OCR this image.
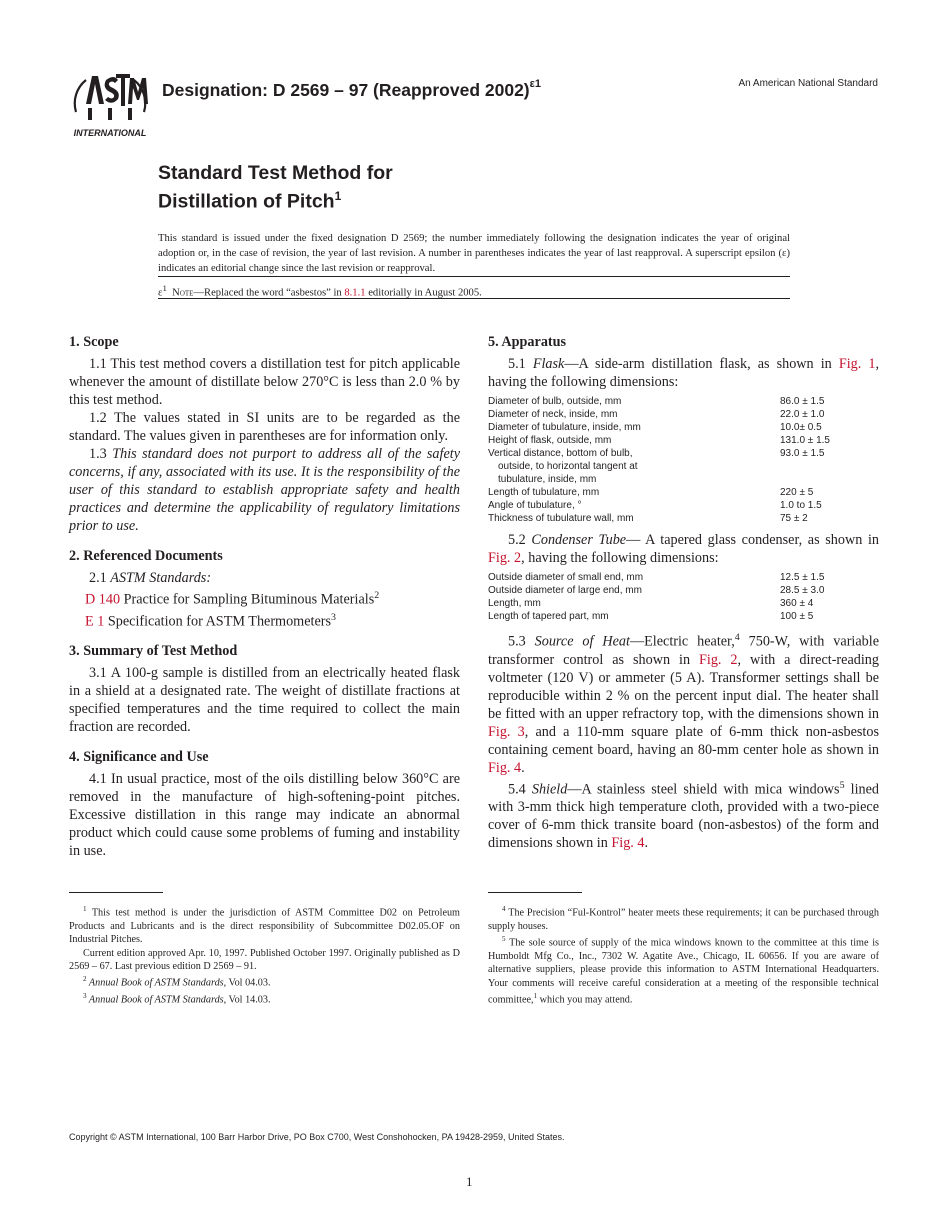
INTERNATIONAL
Designation: D 2569 – 97 (Reapproved 2002)$^{\varepsilon 1}$	An American National Standard
Standard Test Method for
Distillation of Pitch$^1$
This standard is issued under the fixed designation D 2569; the number immediately following the designation indicates the year of original adoption or, in the case of revision, the year of last revision. A number in parentheses indicates the year of last reapproval. A superscript epsilon (ε) indicates an editorial change since the last revision or reapproval.
$\varepsilon^1$ Note—Replaced the word “asbestos” in 8.1.1 editorially in August 2005.
1. Scope

1.1 This test method covers a distillation test for pitch applicable whenever the amount of distillate below 270°C is less than 2.0 % by this test method.

1.2 The values stated in SI units are to be regarded as the standard. The values given in parentheses are for information only.

1.3 This standard does not purport to address all of the safety concerns, if any, associated with its use. It is the responsibility of the user of this standard to establish appropriate safety and health practices and determine the applicability of regulatory limitations prior to use.

2. Referenced Documents

2.1 ASTM Standards:

D 140 Practice for Sampling Bituminous Materials$^2$

E 1 Specification for ASTM Thermometers$^3$

3. Summary of Test Method

3.1 A 100-g sample is distilled from an electrically heated flask in a shield at a designated rate. The weight of distillate fractions at specified temperatures and the time required to collect the main fraction are recorded.

4. Significance and Use

4.1 In usual practice, most of the oils distilling below 360°C are removed in the manufacture of high-softening-point pitches. Excessive distillation in this range may indicate an abnormal product which could cause some problems of fuming and instability in use.

5. Apparatus

5.1 Flask—A side-arm distillation flask, as shown in Fig. 1, having the following dimensions:

Diameter of bulb, outside, mm	86.0 ± 1.5
Diameter of neck, inside, mm	22.0 ± 1.0
Diameter of tubulature, inside, mm	10.0± 0.5
Height of flask, outside, mm	131.0 ± 1.5
Vertical distance, bottom of bulb,	93.0 ± 1.5
outside, to horizontal tangent at	
tubulature, inside, mm	
Length of tubulature, mm	220 ± 5
Angle of tubulature, °	1.0 to 1.5
Thickness of tubulature wall, mm	75 ± 2

5.2 Condenser Tube— A tapered glass condenser, as shown in Fig. 2, having the following dimensions:

Outside diameter of small end, mm	12.5 ± 1.5
Outside diameter of large end, mm	28.5 ± 3.0
Length, mm	360 ± 4
Length of tapered part, mm	100 ± 5

5.3 Source of Heat—Electric heater,$^4$ 750-W, with variable transformer control as shown in Fig. 2, with a direct-reading voltmeter (120 V) or ammeter (5 A). Transformer settings shall be reproducible within 2 % on the percent input dial. The heater shall be fitted with an upper refractory top, with the dimensions shown in Fig. 3, and a 110-mm square plate of 6-mm thick non-asbestos containing cement board, having an 80-mm center hole as shown in Fig. 4.

5.4 Shield—A stainless steel shield with mica windows$^5$ lined with 3-mm thick high temperature cloth, provided with a two-piece cover of 6-mm thick transite board (non-asbestos) of the form and dimensions shown in Fig. 4.

$^1$ This test method is under the jurisdiction of ASTM Committee D02 on Petroleum Products and Lubricants and is the direct responsibility of Subcommittee D02.05.OF on Industrial Pitches.

Current edition approved Apr. 10, 1997. Published October 1997. Originally published as D 2569 – 67. Last previous edition D 2569 – 91.

$^2$ Annual Book of ASTM Standards, Vol 04.03.

$^3$ Annual Book of ASTM Standards, Vol 14.03.

$^4$ The Precision “Ful-Kontrol” heater meets these requirements; it can be purchased through supply houses.

$^5$ The sole source of supply of the mica windows known to the committee at this time is Humboldt Mfg Co., Inc., 7302 W. Agatite Ave., Chicago, IL 60656. If you are aware of alternative suppliers, please provide this information to ASTM International Headquarters. Your comments will receive careful consideration at a meeting of the responsible technical committee,$^1$ which you may attend.

Copyright © ASTM International, 100 Barr Harbor Drive, PO Box C700, West Conshohocken, PA 19428-2959, United States.
1
